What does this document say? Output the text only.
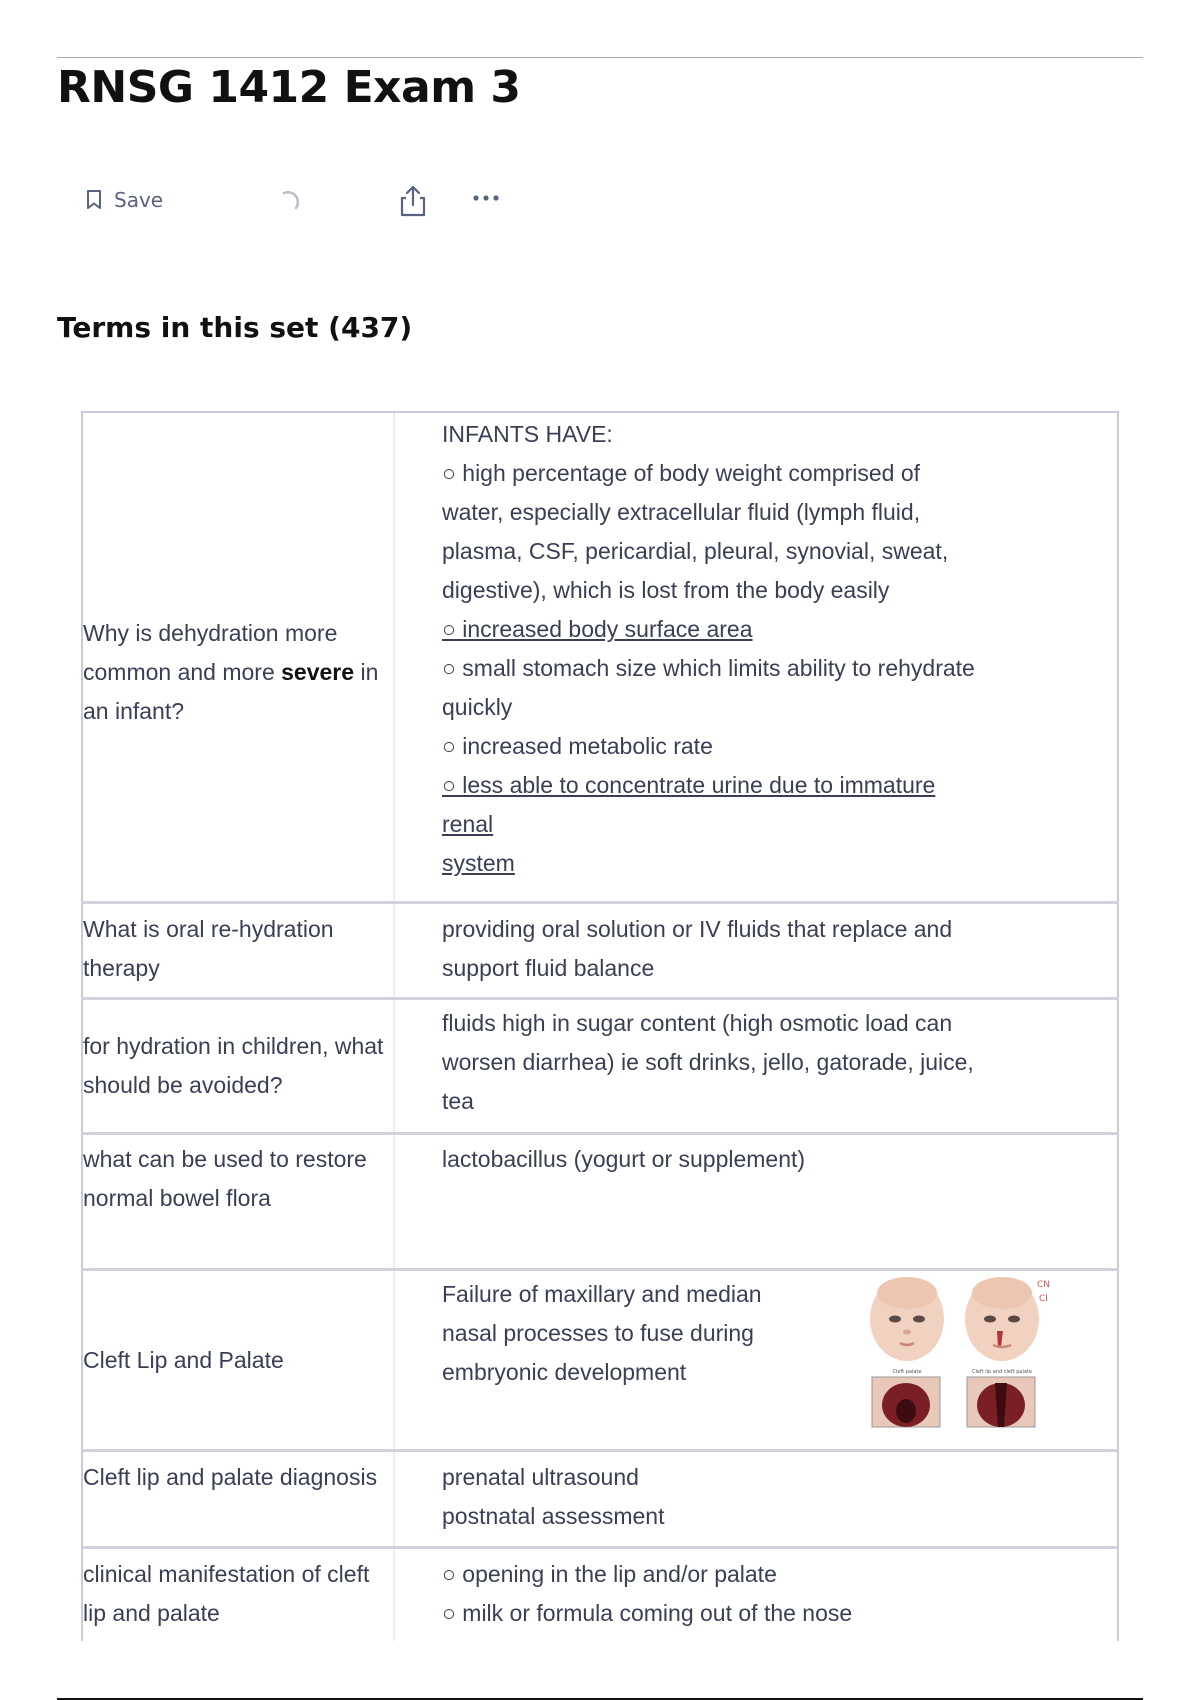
RNSG 1412 Exam 3
Save
Terms in this set (437)
Why is dehydration more common and more severe in an infant?
INFANTS HAVE:
○ high percentage of body weight comprised of
water, especially extracellular fluid (lymph fluid,
plasma, CSF, pericardial, pleural, synovial, sweat,
digestive), which is lost from the body easily
○ increased body surface area
○ small stomach size which limits ability to rehydrate
quickly
○ increased metabolic rate
○ less able to concentrate urine due to immature
renal
system
What is oral re-hydration therapy
providing oral solution or IV fluids that replace and
support fluid balance
for hydration in children, what should be avoided?
fluids high in sugar content (high osmotic load can
worsen diarrhea) ie soft drinks, jello, gatorade, juice,
tea
what can be used to restore normal bowel flora
lactobacillus (yogurt or supplement)
Cleft Lip and Palate
Failure of maxillary and median
nasal processes to fuse during
embryonic development
CN
CI
Cleft palate	Cleft lip and cleft palate
Cleft lip and palate diagnosis	prenatal ultrasound
postnatal assessment
clinical manifestation of cleft lip and palate
○ opening in the lip and/or palate
○ milk or formula coming out of the nose
